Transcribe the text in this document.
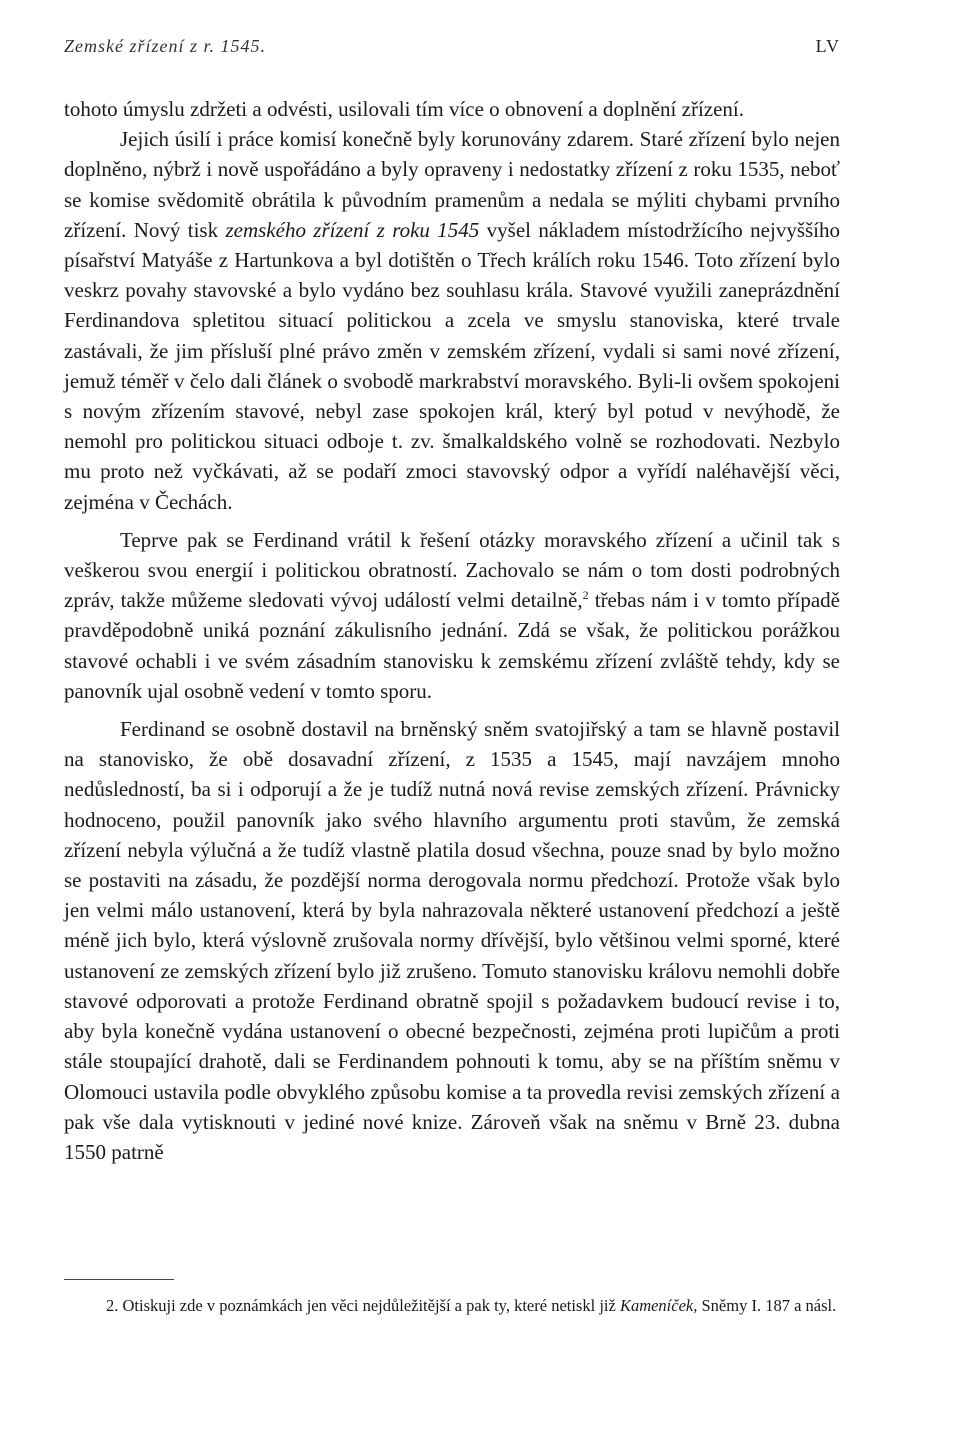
Zemské zřízení z r. 1545.	LV

tohoto úmyslu zdržeti a odvésti, usilovali tím více o obnovení a doplnění zřízení.

Jejich úsilí i práce komisí konečně byly korunovány zdarem. Staré zřízení bylo nejen doplněno, nýbrž i nově uspořádáno a byly opraveny i nedostatky zřízení z roku 1535, neboť se komise svědomitě obrátila k původním pramenům a nedala se mýliti chybami prvního zřízení. Nový tisk zemského zřízení z roku 1545 vyšel nákladem místodržícího nejvyššího písařství Matyáše z Hartunkova a byl dotištěn o Třech králích roku 1546. Toto zřízení bylo veskrz povahy stavovské a bylo vydáno bez souhlasu krála. Stavové využili zaneprázdnění Ferdinandova spletitou situací politickou a zcela ve smyslu stanoviska, které trvale zastávali, že jim přísluší plné právo změn v zemském zřízení, vydali si sami nové zřízení, jemuž téměř v čelo dali článek o svobodě markrabství moravského. Byli-li ovšem spokojeni s novým zřízením stavové, nebyl zase spokojen král, který byl potud v nevýhodě, že nemohl pro politickou situaci odboje t. zv. šmalkaldského volně se rozhodovati. Nezbylo mu proto než vyčkávati, až se podaří zmoci stavovský odpor a vyřídí naléhavější věci, zejména v Čechách.

Teprve pak se Ferdinand vrátil k řešení otázky moravského zřízení a učinil tak s veškerou svou energií i politickou obratností. Zachovalo se nám o tom dosti podrobných zpráv, takže můžeme sledovati vývoj událostí velmi detailně,$^2$ třebas nám i v tomto případě pravděpodobně uniká poznání zákulisního jednání. Zdá se však, že politickou porážkou stavové ochabli i ve svém zásadním stanovisku k zemskému zřízení zvláště tehdy, kdy se panovník ujal osobně vedení v tomto sporu.

Ferdinand se osobně dostavil na brněnský sněm svatojiřský a tam se hlavně postavil na stanovisko, že obě dosavadní zřízení, z 1535 a 1545, mají navzájem mnoho nedůsledností, ba si i odporují a že je tudíž nutná nová revise zemských zřízení. Právnicky hodnoceno, použil panovník jako svého hlavního argumentu proti stavům, že zemská zřízení nebyla výlučná a že tudíž vlastně platila dosud všechna, pouze snad by bylo možno se postaviti na zásadu, že pozdější norma derogovala normu předchozí. Protože však bylo jen velmi málo ustanovení, která by byla nahrazovala některé ustanovení předchozí a ještě méně jich bylo, která výslovně zrušovala normy dřívější, bylo většinou velmi sporné, které ustanovení ze zemských zřízení bylo již zrušeno. Tomuto stanovisku královu nemohli dobře stavové odporovati a protože Ferdinand obratně spojil s požadavkem budoucí revise i to, aby byla konečně vydána ustanovení o obecné bezpečnosti, zejména proti lupičům a proti stále stoupající drahotě, dali se Ferdinandem pohnouti k tomu, aby se na příštím sněmu v Olomouci ustavila podle obvyklého způsobu komise a ta provedla revisi zemských zřízení a pak vše dala vytisknouti v jediné nové knize. Zároveň však na sněmu v Brně 23. dubna 1550 patrně

2. Otiskuji zde v poznámkách jen věci nejdůležitější a pak ty, které netiskl již Kameníček, Sněmy I. 187 a násl.
